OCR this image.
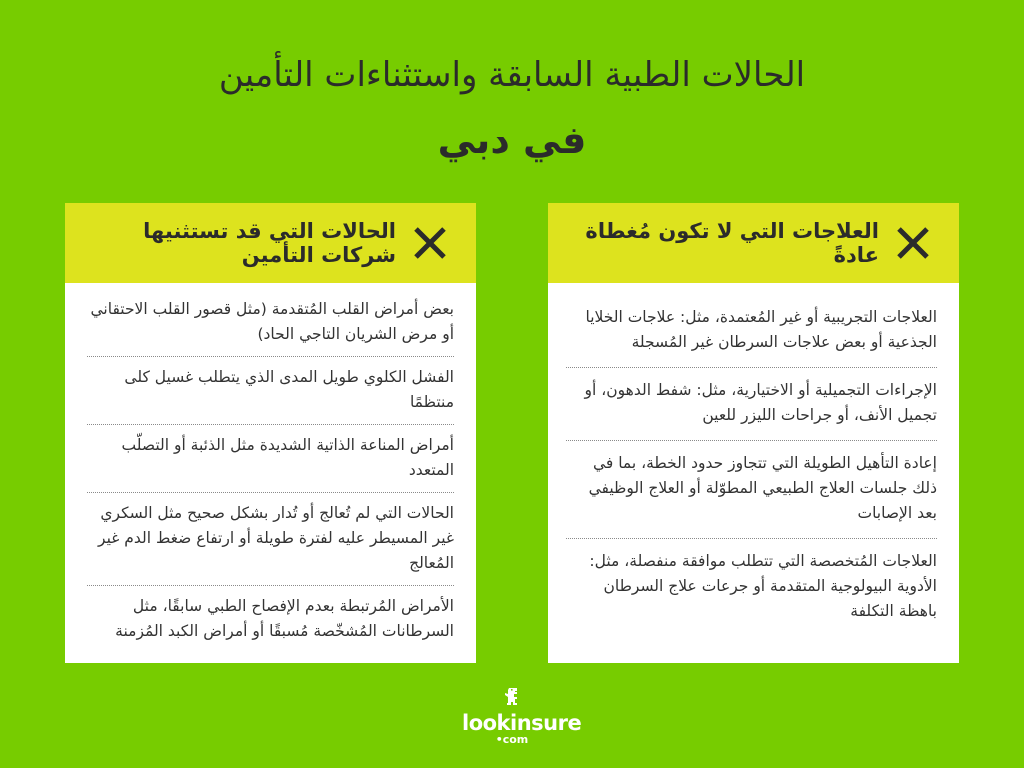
الحالات الطبية السابقة واستثناءات التأمين
في دبي
الحالات التي قد تستثنيها شركات التأمين
بعض أمراض القلب المُتقدمة (مثل قصور القلب الاحتقاني أو مرض الشريان التاجي الحاد)
الفشل الكلوي طويل المدى الذي يتطلب غسيل كلى منتظمًا
أمراض المناعة الذاتية الشديدة مثل الذئبة أو التصلّب المتعدد
الحالات التي لم تُعالج أو تُدار بشكل صحيح مثل السكري غير المسيطر عليه لفترة طويلة أو ارتفاع ضغط الدم غير المُعالج
الأمراض المُرتبطة بعدم الإفصاح الطبي سابقًا، مثل السرطانات المُشخّصة مُسبقًا أو أمراض الكبد المُزمنة
العلاجات التي لا تكون مُغطاة عادةً
العلاجات التجريبية أو غير المُعتمدة، مثل: علاجات الخلايا الجذعية أو بعض علاجات السرطان غير المُسجلة
الإجراءات التجميلية أو الاختيارية، مثل: شفط الدهون، أو تجميل الأنف، أو جراحات الليزر للعين
إعادة التأهيل الطويلة التي تتجاوز حدود الخطة، بما في ذلك جلسات العلاج الطبيعي المطوّلة أو العلاج الوظيفي بعد الإصابات
العلاجات المُتخصصة التي تتطلب موافقة منفصلة، مثل: الأدوية البيولوجية المتقدمة أو جرعات علاج السرطان باهظة التكلفة
lookinsure
•com
